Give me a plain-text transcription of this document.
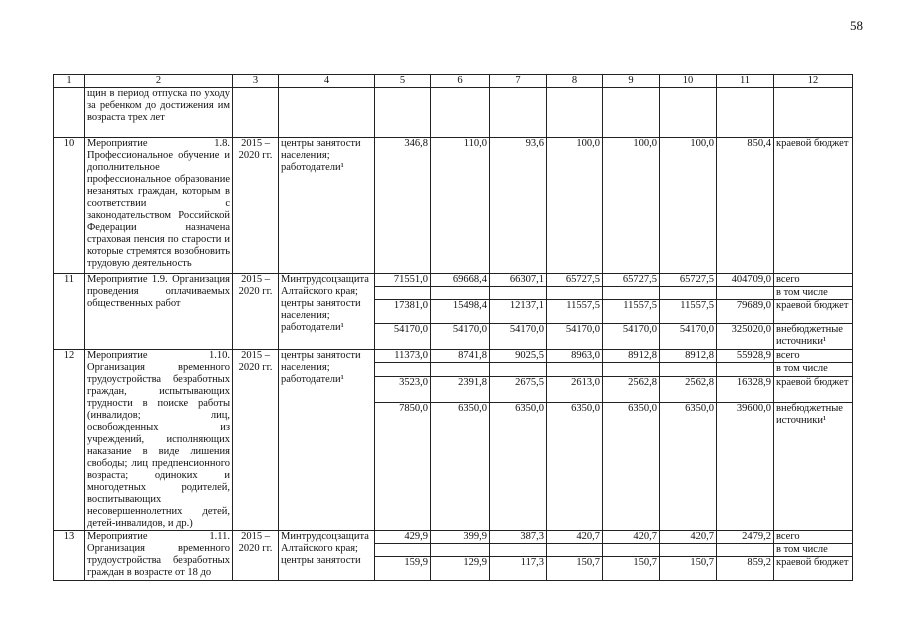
58
1	2	3	4	5	6	7	8	9	10	11	12
	щин в период отпуска по уходу за ребенком до достижения им возраста трех лет										
10	Мероприятие 1.8. Профессиональное обучение и дополнительное профессиональное образование незанятых граждан, которым в соответствии с законодательством Российской Федерации назначена страховая пенсия по старости и которые стремятся возобновить трудовую деятельность	2015 – 2020 гг.	центры занятости населения; работодатели¹	346,8	110,0	93,6	100,0	100,0	100,0	850,4	краевой бюджет
11	Мероприятие 1.9. Организация проведения оплачиваемых общественных работ	2015 – 2020 гг.	Минтрудсоцзащита Алтайского края; центры занятости населения; работодатели¹	71551,0	69668,4	66307,1	65727,5	65727,5	65727,5	404709,0	всего
											в том числе
				17381,0	15498,4	12137,1	11557,5	11557,5	11557,5	79689,0	краевой бюджет
				54170,0	54170,0	54170,0	54170,0	54170,0	54170,0	325020,0	внебюджетные источники¹
12	Мероприятие 1.10. Организация временного трудоустройства безработных граждан, испытывающих трудности в поиске работы (инвалидов; лиц, освобожденных из учреждений, исполняющих наказание в виде лишения свободы; лиц предпенсионного возраста; одиноких и многодетных родителей, воспитывающих несовершеннолетних детей, детей-инвалидов, и др.)	2015 – 2020 гг.	центры занятости населения; работодатели¹	11373,0	8741,8	9025,5	8963,0	8912,8	8912,8	55928,9	всего
											в том числе
				3523,0	2391,8	2675,5	2613,0	2562,8	2562,8	16328,9	краевой бюджет
				7850,0	6350,0	6350,0	6350,0	6350,0	6350,0	39600,0	внебюджетные источники¹
13	Мероприятие 1.11. Организация временного трудоустройства безработных граждан в возрасте от 18 до	2015 – 2020 гг.	Минтрудсоцзащита Алтайского края; центры занятости	429,9	399,9	387,3	420,7	420,7	420,7	2479,2	всего
											в том числе
				159,9	129,9	117,3	150,7	150,7	150,7	859,2	краевой бюджет
